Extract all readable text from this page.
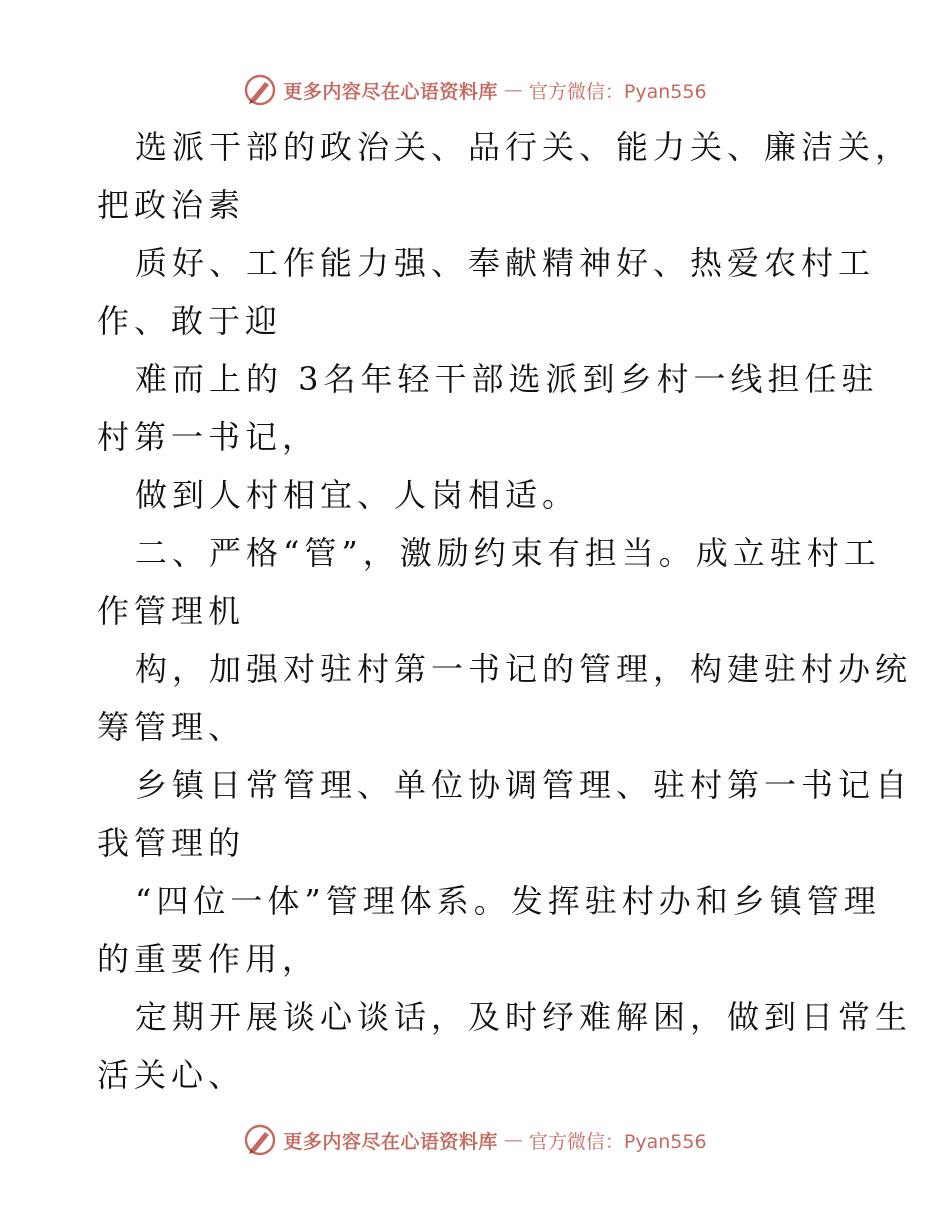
更多内容尽在心语资料库 — 官方微信：Pyan556
选派干部的政治关、品行关、能力关、廉洁关，
把政治素
质好、工作能力强、奉献精神好、热爱农村工
作、敢于迎
难而上的 3名年轻干部选派到乡村一线担任驻
村第一书记，
做到人村相宜、人岗相适。
二、严格“管”，激励约束有担当。成立驻村工
作管理机
构，加强对驻村第一书记的管理，构建驻村办统
筹管理、
乡镇日常管理、单位协调管理、驻村第一书记自
我管理的
“四位一体”管理体系。发挥驻村办和乡镇管理
的重要作用，
定期开展谈心谈话，及时纾难解困，做到日常生
活关心、
更多内容尽在心语资料库 — 官方微信：Pyan556
